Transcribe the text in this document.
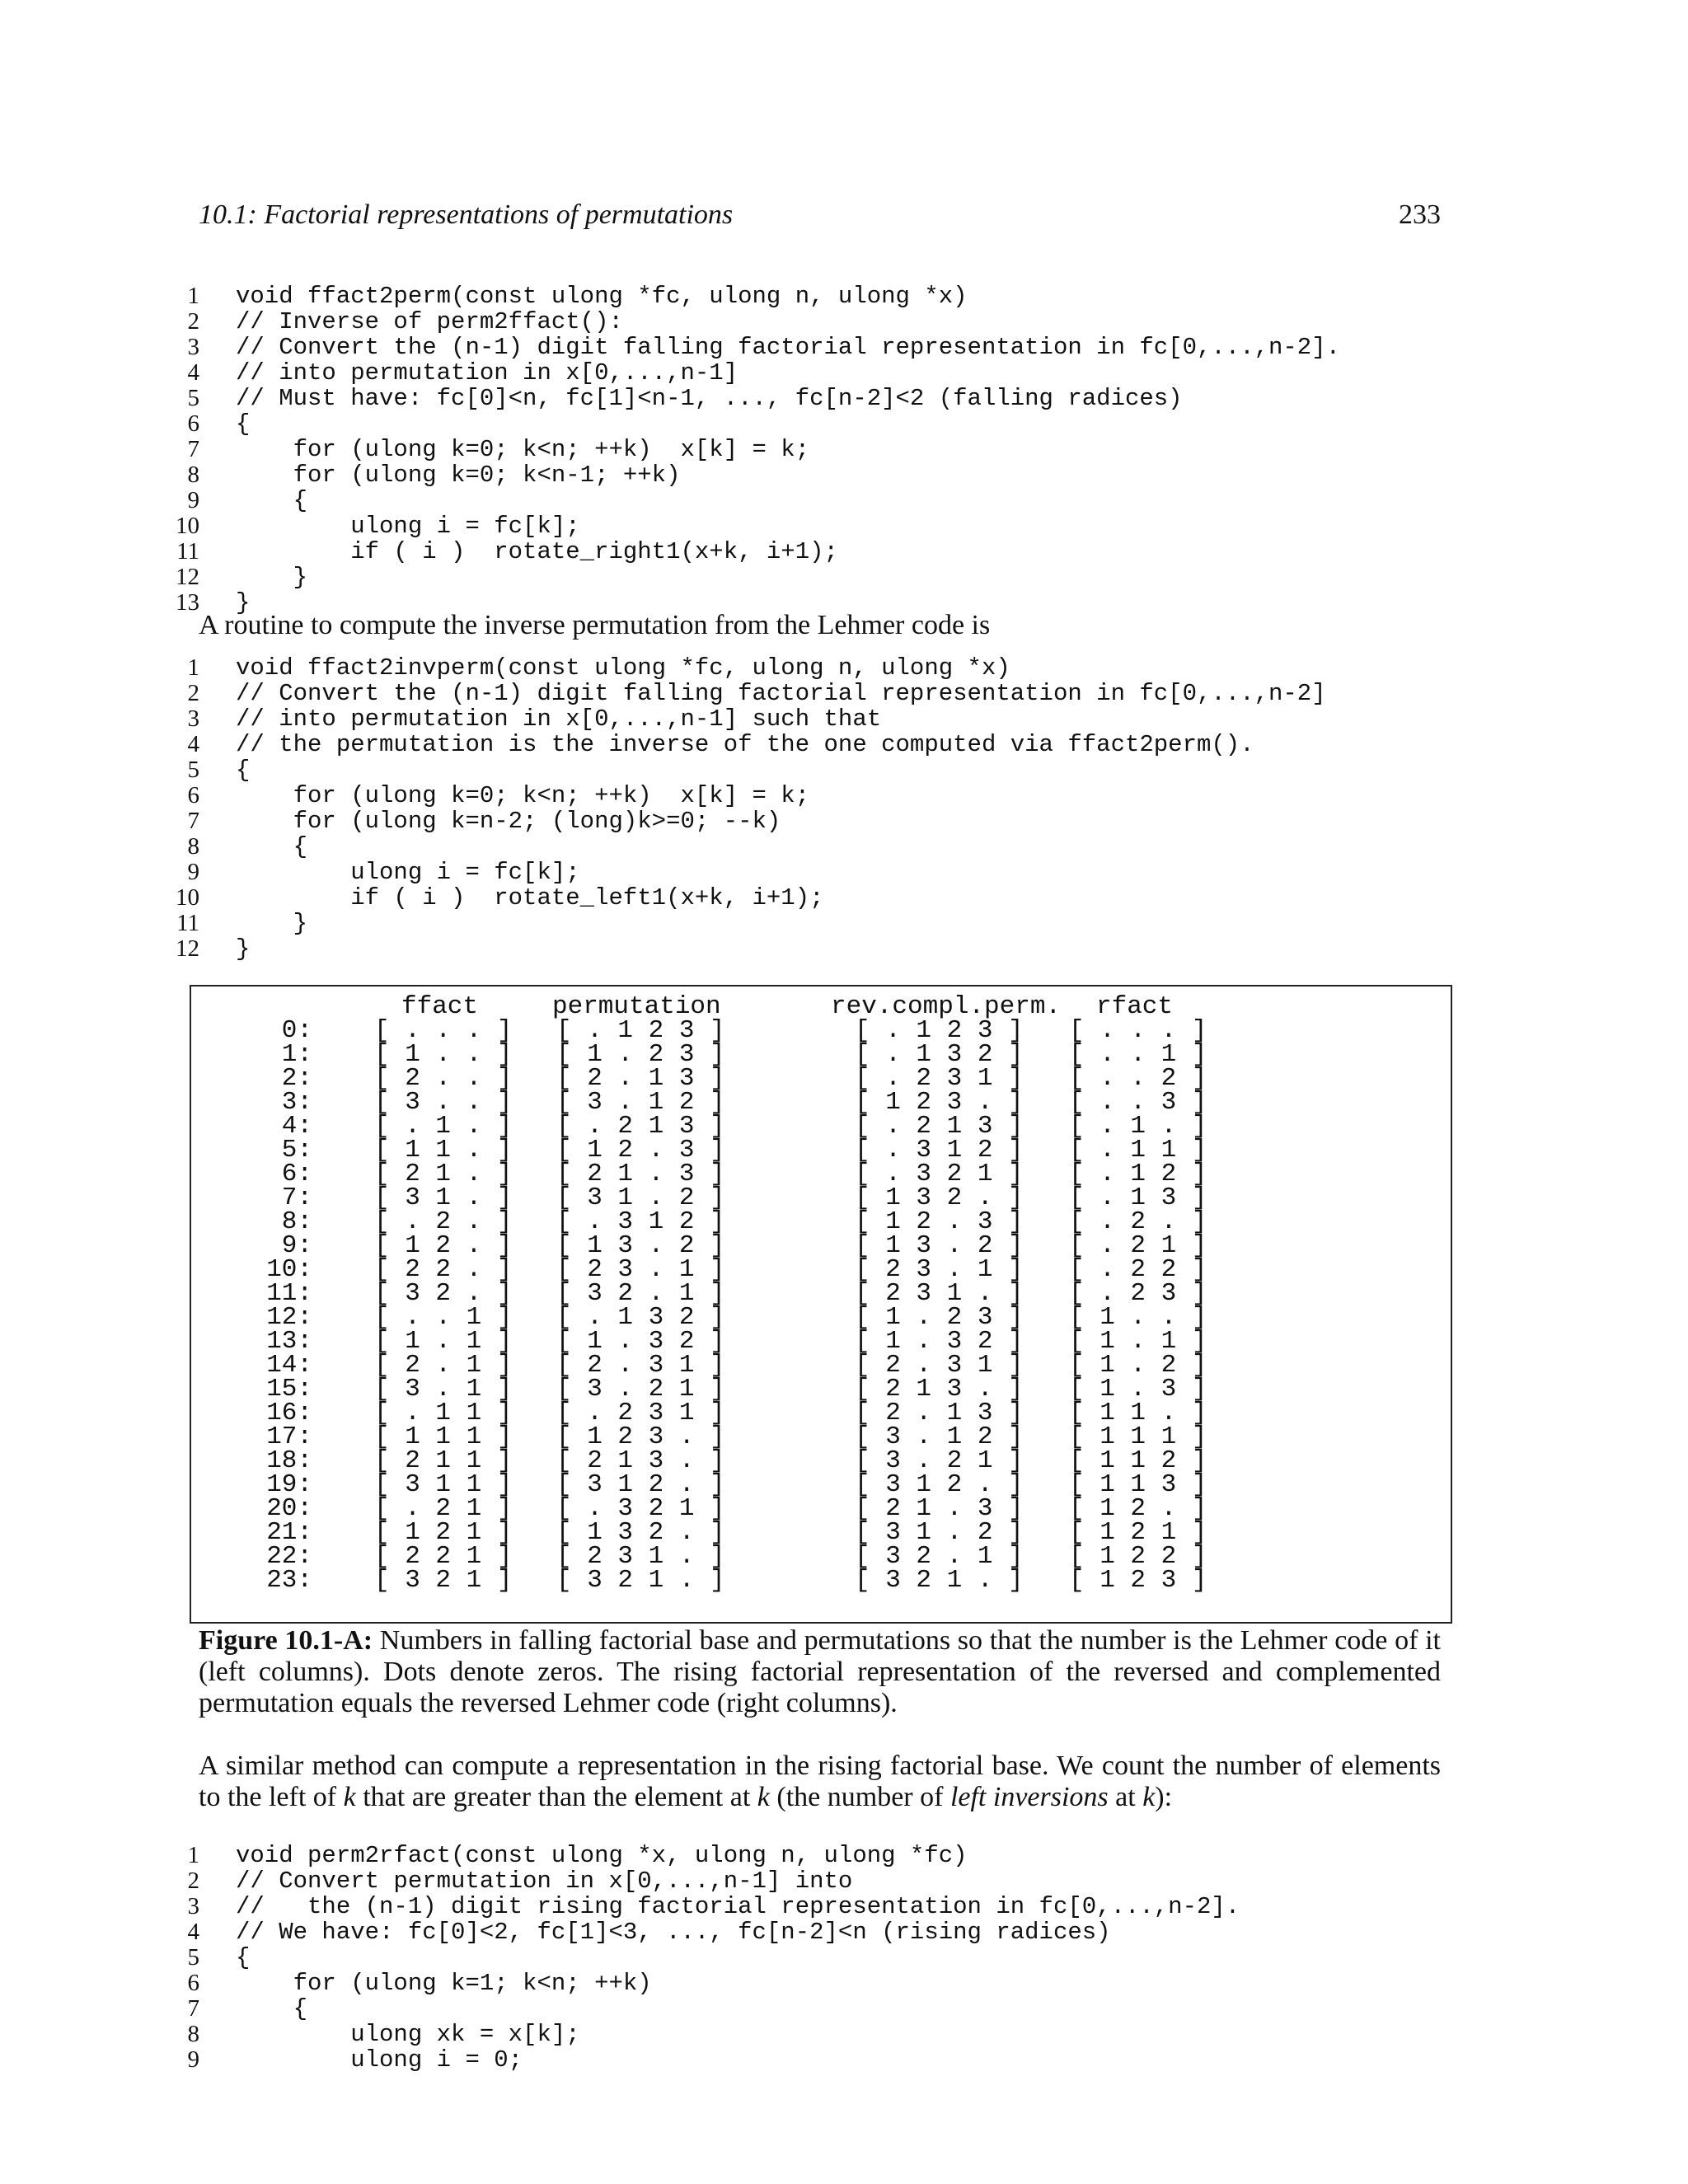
10.1: Factorial representations of permutations	233
1 void ffact2perm(const ulong *fc, ulong n, ulong *x)
2 // Inverse of perm2ffact():
3 // Convert the (n-1) digit falling factorial representation in fc[0,...,n-2].
4 // into permutation in x[0,...,n-1]
5 // Must have: fc[0]<n, fc[1]<n-1, ..., fc[n-2]<2 (falling radices)
6 {
7 for (ulong k=0; k<n; ++k)  x[k] = k;
8 for (ulong k=0; k<n-1; ++k)
9 {
10 ulong i = fc[k];
11 if ( i )  rotate_right1(x+k, i+1);
12 }
13 }

A routine to compute the inverse permutation from the Lehmer code is

1 void ffact2invperm(const ulong *fc, ulong n, ulong *x)
2 // Convert the (n-1) digit falling factorial representation in fc[0,...,n-2]
3 // into permutation in x[0,...,n-1] such that
4 // the permutation is the inverse of the one computed via ffact2perm().
5 {
6 for (ulong k=0; k<n; ++k)  x[k] = k;
7 for (ulong k=n-2; (long)k>=0; --k)
8 {
9 ulong i = fc[k];
10 if ( i )  rotate_left1(x+k, i+1);
11 }
12 }
ffact	permutation	rev.compl.perm. rfact
0: [ . . . ] [ . 1 2 3 ]	[ . 1 2 3 ] [ . . . ]
1: [ 1 . . ] [ 1 . 2 3 ]	[ . 1 3 2 ] [ . . 1 ]
2: [ 2 . . ] [ 2 . 1 3 ]	[ . 2 3 1 ] [ . . 2 ]
3: [ 3 . . ] [ 3 . 1 2 ]	[ 1 2 3 . ] [ . . 3 ]
4: [ . 1 . ] [ . 2 1 3 ]	[ . 2 1 3 ] [ . 1 . ]
5: [ 1 1 . ] [ 1 2 . 3 ]	[ . 3 1 2 ] [ . 1 1 ]
6: [ 2 1 . ] [ 2 1 . 3 ]	[ . 3 2 1 ] [ . 1 2 ]
7: [ 3 1 . ] [ 3 1 . 2 ]	[ 1 3 2 . ] [ . 1 3 ]
8: [ . 2 . ] [ . 3 1 2 ]	[ 1 2 . 3 ] [ . 2 . ]
9: [ 1 2 . ] [ 1 3 . 2 ]	[ 1 3 . 2 ] [ . 2 1 ]
10: [ 2 2 . ] [ 2 3 . 1 ]	[ 2 3 . 1 ] [ . 2 2 ]
11: [ 3 2 . ] [ 3 2 . 1 ]	[ 2 3 1 . ] [ . 2 3 ]
12: [ . . 1 ] [ . 1 3 2 ]	[ 1 . 2 3 ] [ 1 . . ]
13: [ 1 . 1 ] [ 1 . 3 2 ]	[ 1 . 3 2 ] [ 1 . 1 ]
14: [ 2 . 1 ] [ 2 . 3 1 ]	[ 2 . 3 1 ] [ 1 . 2 ]
15: [ 3 . 1 ] [ 3 . 2 1 ]	[ 2 1 3 . ] [ 1 . 3 ]
16: [ . 1 1 ] [ . 2 3 1 ]	[ 2 . 1 3 ] [ 1 1 . ]
17: [ 1 1 1 ] [ 1 2 3 . ]	[ 3 . 1 2 ] [ 1 1 1 ]
18: [ 2 1 1 ] [ 2 1 3 . ]	[ 3 . 2 1 ] [ 1 1 2 ]
19: [ 3 1 1 ] [ 3 1 2 . ]	[ 3 1 2 . ] [ 1 1 3 ]
20: [ . 2 1 ] [ . 3 2 1 ]	[ 2 1 . 3 ] [ 1 2 . ]
21: [ 1 2 1 ] [ 1 3 2 . ]	[ 3 1 . 2 ] [ 1 2 1 ]
22: [ 2 2 1 ] [ 2 3 1 . ]	[ 3 2 . 1 ] [ 1 2 2 ]
23: [ 3 2 1 ] [ 3 2 1 . ]	[ 3 2 1 . ] [ 1 2 3 ]

Figure 10.1-A: Numbers in falling factorial base and permutations so that the number is the Lehmer code of it (left columns). Dots denote zeros. The rising factorial representation of the reversed and complemented permutation equals the reversed Lehmer code (right columns).

A similar method can compute a representation in the rising factorial base. We count the number of elements to the left of k that are greater than the element at k (the number of left inversions at k):

1 void perm2rfact(const ulong *x, ulong n, ulong *fc)
2 // Convert permutation in x[0,...,n-1] into
3 //   the (n-1) digit rising factorial representation in fc[0,...,n-2].
4 // We have: fc[0]<2, fc[1]<3, ..., fc[n-2]<n (rising radices)
5 {
6 for (ulong k=1; k<n; ++k)
7 {
8 ulong xk = x[k];
9 ulong i = 0;
